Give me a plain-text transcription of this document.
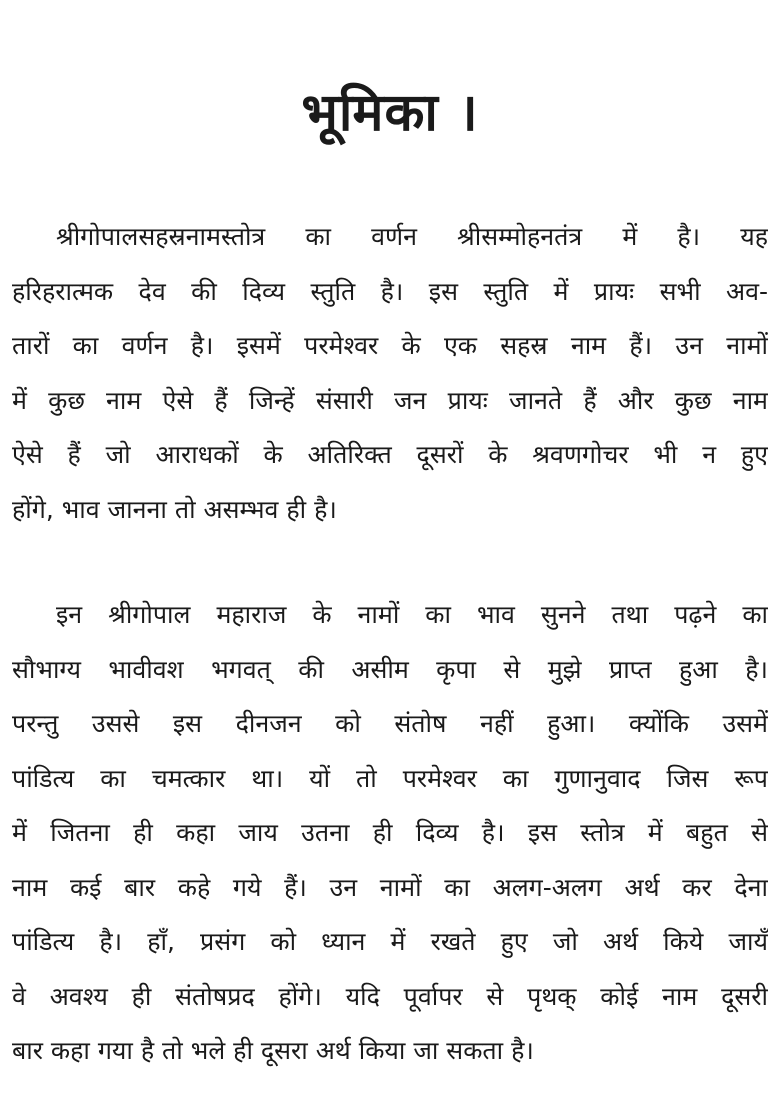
भूमिका ।
श्रीगोपालसहस्रनामस्तोत्र का वर्णन श्रीसम्मोहनतंत्र में है। यह
हरिहरात्मक देव की दिव्य स्तुति है। इस स्तुति में प्रायः सभी अव-
तारों का वर्णन है। इसमें परमेश्वर के एक सहस्र नाम हैं। उन नामों
में कुछ नाम ऐसे हैं जिन्हें संसारी जन प्रायः जानते हैं और कुछ नाम
ऐसे हैं जो आराधकों के अतिरिक्त दूसरों के श्रवणगोचर भी न हुए
होंगे, भाव जानना तो असम्भव ही है।
इन श्रीगोपाल महाराज के नामों का भाव सुनने तथा पढ़ने का
सौभाग्य भावीवश भगवत् की असीम कृपा से मुझे प्राप्त हुआ है।
परन्तु उससे इस दीनजन को संतोष नहीं हुआ। क्योंकि उसमें
पांडित्य का चमत्कार था। यों तो परमेश्वर का गुणानुवाद जिस रूप
में जितना ही कहा जाय उतना ही दिव्य है। इस स्तोत्र में बहुत से
नाम कई बार कहे गये हैं। उन नामों का अलग-अलग अर्थ कर देना
पांडित्य है। हाँ, प्रसंग को ध्यान में रखते हुए जो अर्थ किये जायँ
वे अवश्य ही संतोषप्रद होंगे। यदि पूर्वापर से पृथक् कोई नाम दूसरी
बार कहा गया है तो भले ही दूसरा अर्थ किया जा सकता है।
